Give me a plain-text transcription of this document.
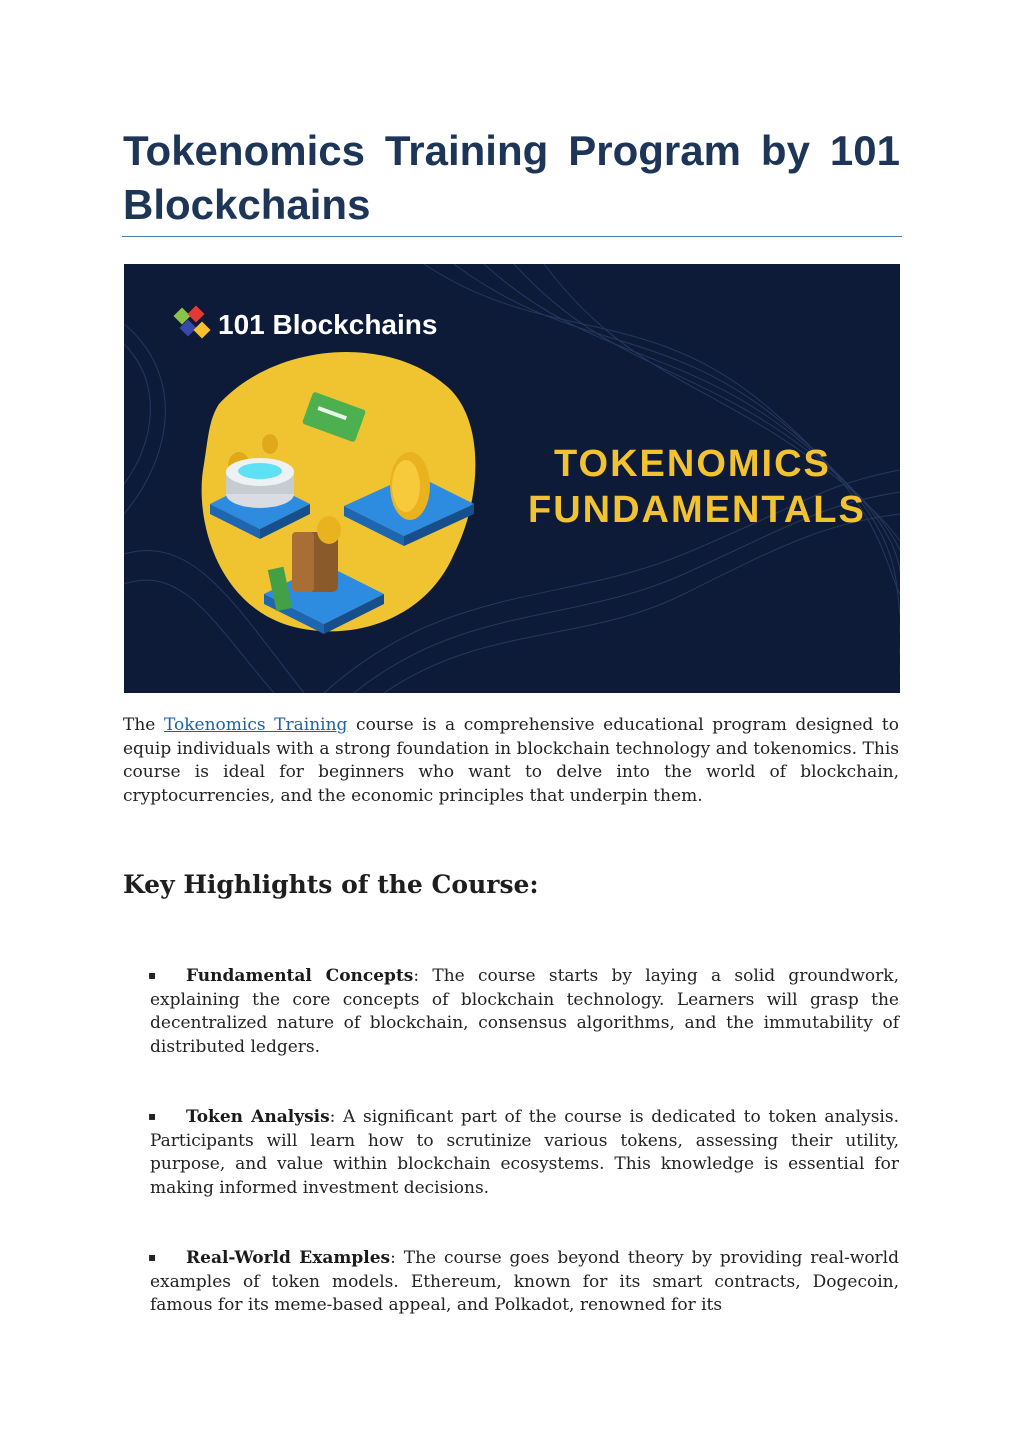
Tokenomics Training Program by 101 Blockchains
101 Blockchains
TOKENOMICS
FUNDAMENTALS

The Tokenomics Training course is a comprehensive educational program designed to equip individuals with a strong foundation in blockchain technology and tokenomics. This course is ideal for beginners who want to delve into the world of blockchain, cryptocurrencies, and the economic principles that underpin them.

Key Highlights of the Course:

▪ Fundamental Concepts: The course starts by laying a solid groundwork, explaining the core concepts of blockchain technology. Learners will grasp the decentralized nature of blockchain, consensus algorithms, and the immutability of distributed ledgers.

▪ Token Analysis: A significant part of the course is dedicated to token analysis. Participants will learn how to scrutinize various tokens, assessing their utility, purpose, and value within blockchain ecosystems. This knowledge is essential for making informed investment decisions.

▪ Real-World Examples: The course goes beyond theory by providing real-world examples of token models. Ethereum, known for its smart contracts, Dogecoin, famous for its meme-based appeal, and Polkadot, renowned for its
